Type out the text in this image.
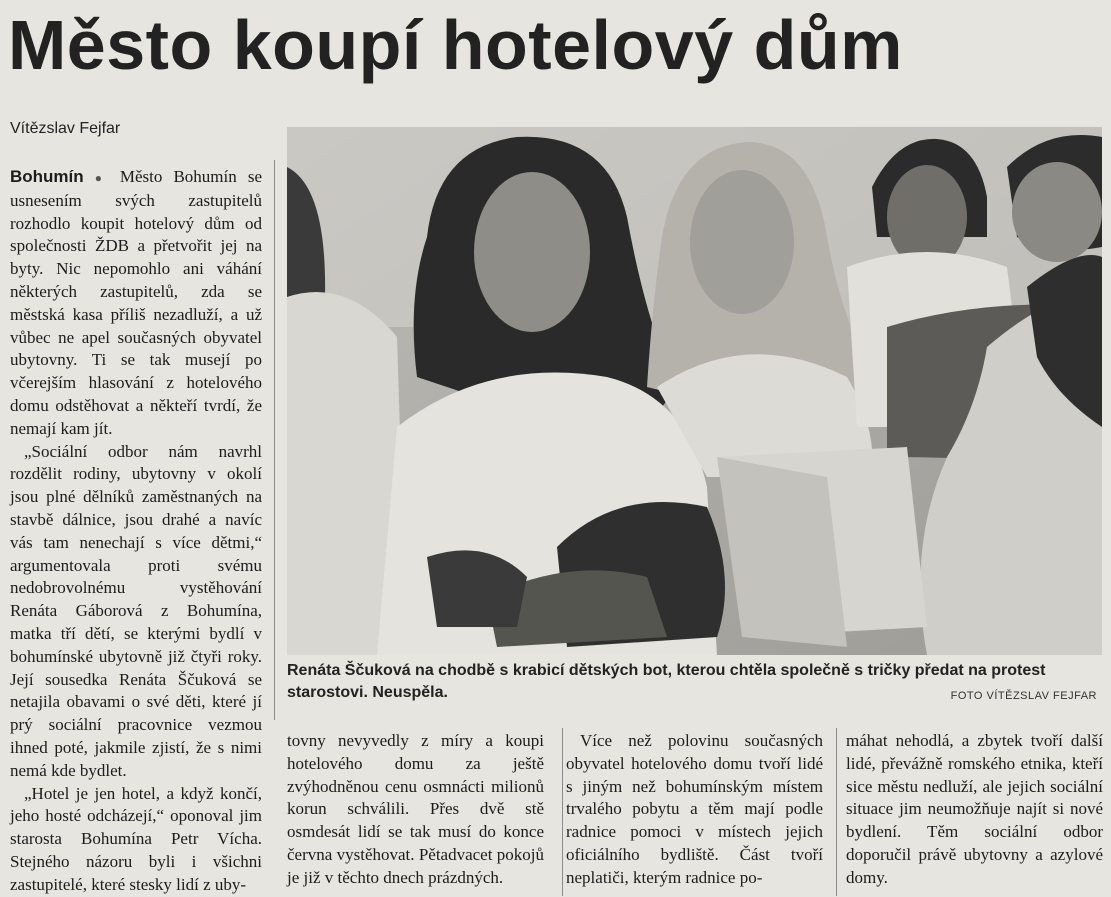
Město koupí hotelový dům
Vítězslav Fejfar

Bohumín ● Město Bohumín se usnesením svých zastupitelů rozhodlo koupit hotelový dům od společnosti ŽDB a přetvořit jej na byty. Nic nepomohlo ani váhání některých zastupitelů, zda se městská kasa příliš nezadluží, a už vůbec ne apel současných obyvatel ubytovny. Ti se tak musejí po včerejším hlasování z hotelového domu odstěhovat a někteří tvrdí, že nemají kam jít.

„Sociální odbor nám navrhl rozdělit rodiny, ubytovny v okolí jsou plné dělníků zaměstnaných na stavbě dálnice, jsou drahé a navíc vás tam nenechají s více dětmi,“ argumentovala proti svému nedobrovolnému vystěhování Renáta Gáborová z Bohumína, matka tří dětí, se kterými bydlí v bohumínské ubytovně již čtyři roky. Její sousedka Renáta Ščuková se netajila obavami o své děti, které jí prý sociální pracovnice vezmou ihned poté, jakmile zjistí, že s nimi nemá kde bydlet.

„Hotel je jen hotel, a když končí, jeho hosté odcházejí,“ oponoval jim starosta Bohumína Petr Vícha. Stejného názoru byli i všichni zastupitelé, které stesky lidí z uby-

Renáta Ščuková na chodbě s krabicí dětských bot, kterou chtěla společně s tričky předat na protest starostovi. Neuspěla.	FOTO VÍTĚZSLAV FEJFAR

tovny nevyvedly z míry a koupi hotelového domu za ještě zvýhodněnou cenu osmnácti milionů korun schválili. Přes dvě stě osmdesát lidí se tak musí do konce června vystěhovat. Pětadvacet pokojů je již v těchto dnech prázdných.

Více než polovinu současných obyvatel hotelového domu tvoří lidé s jiným než bohumínským místem trvalého pobytu a těm mají podle radnice pomoci v místech jejich oficiálního bydliště. Část tvoří neplatiči, kterým radnice po-

máhat nehodlá, a zbytek tvoří další lidé, převážně romského etnika, kteří sice městu nedluží, ale jejich sociální situace jim neumožňuje najít si nové bydlení. Těm sociální odbor doporučil právě ubytovny a azylové domy.
